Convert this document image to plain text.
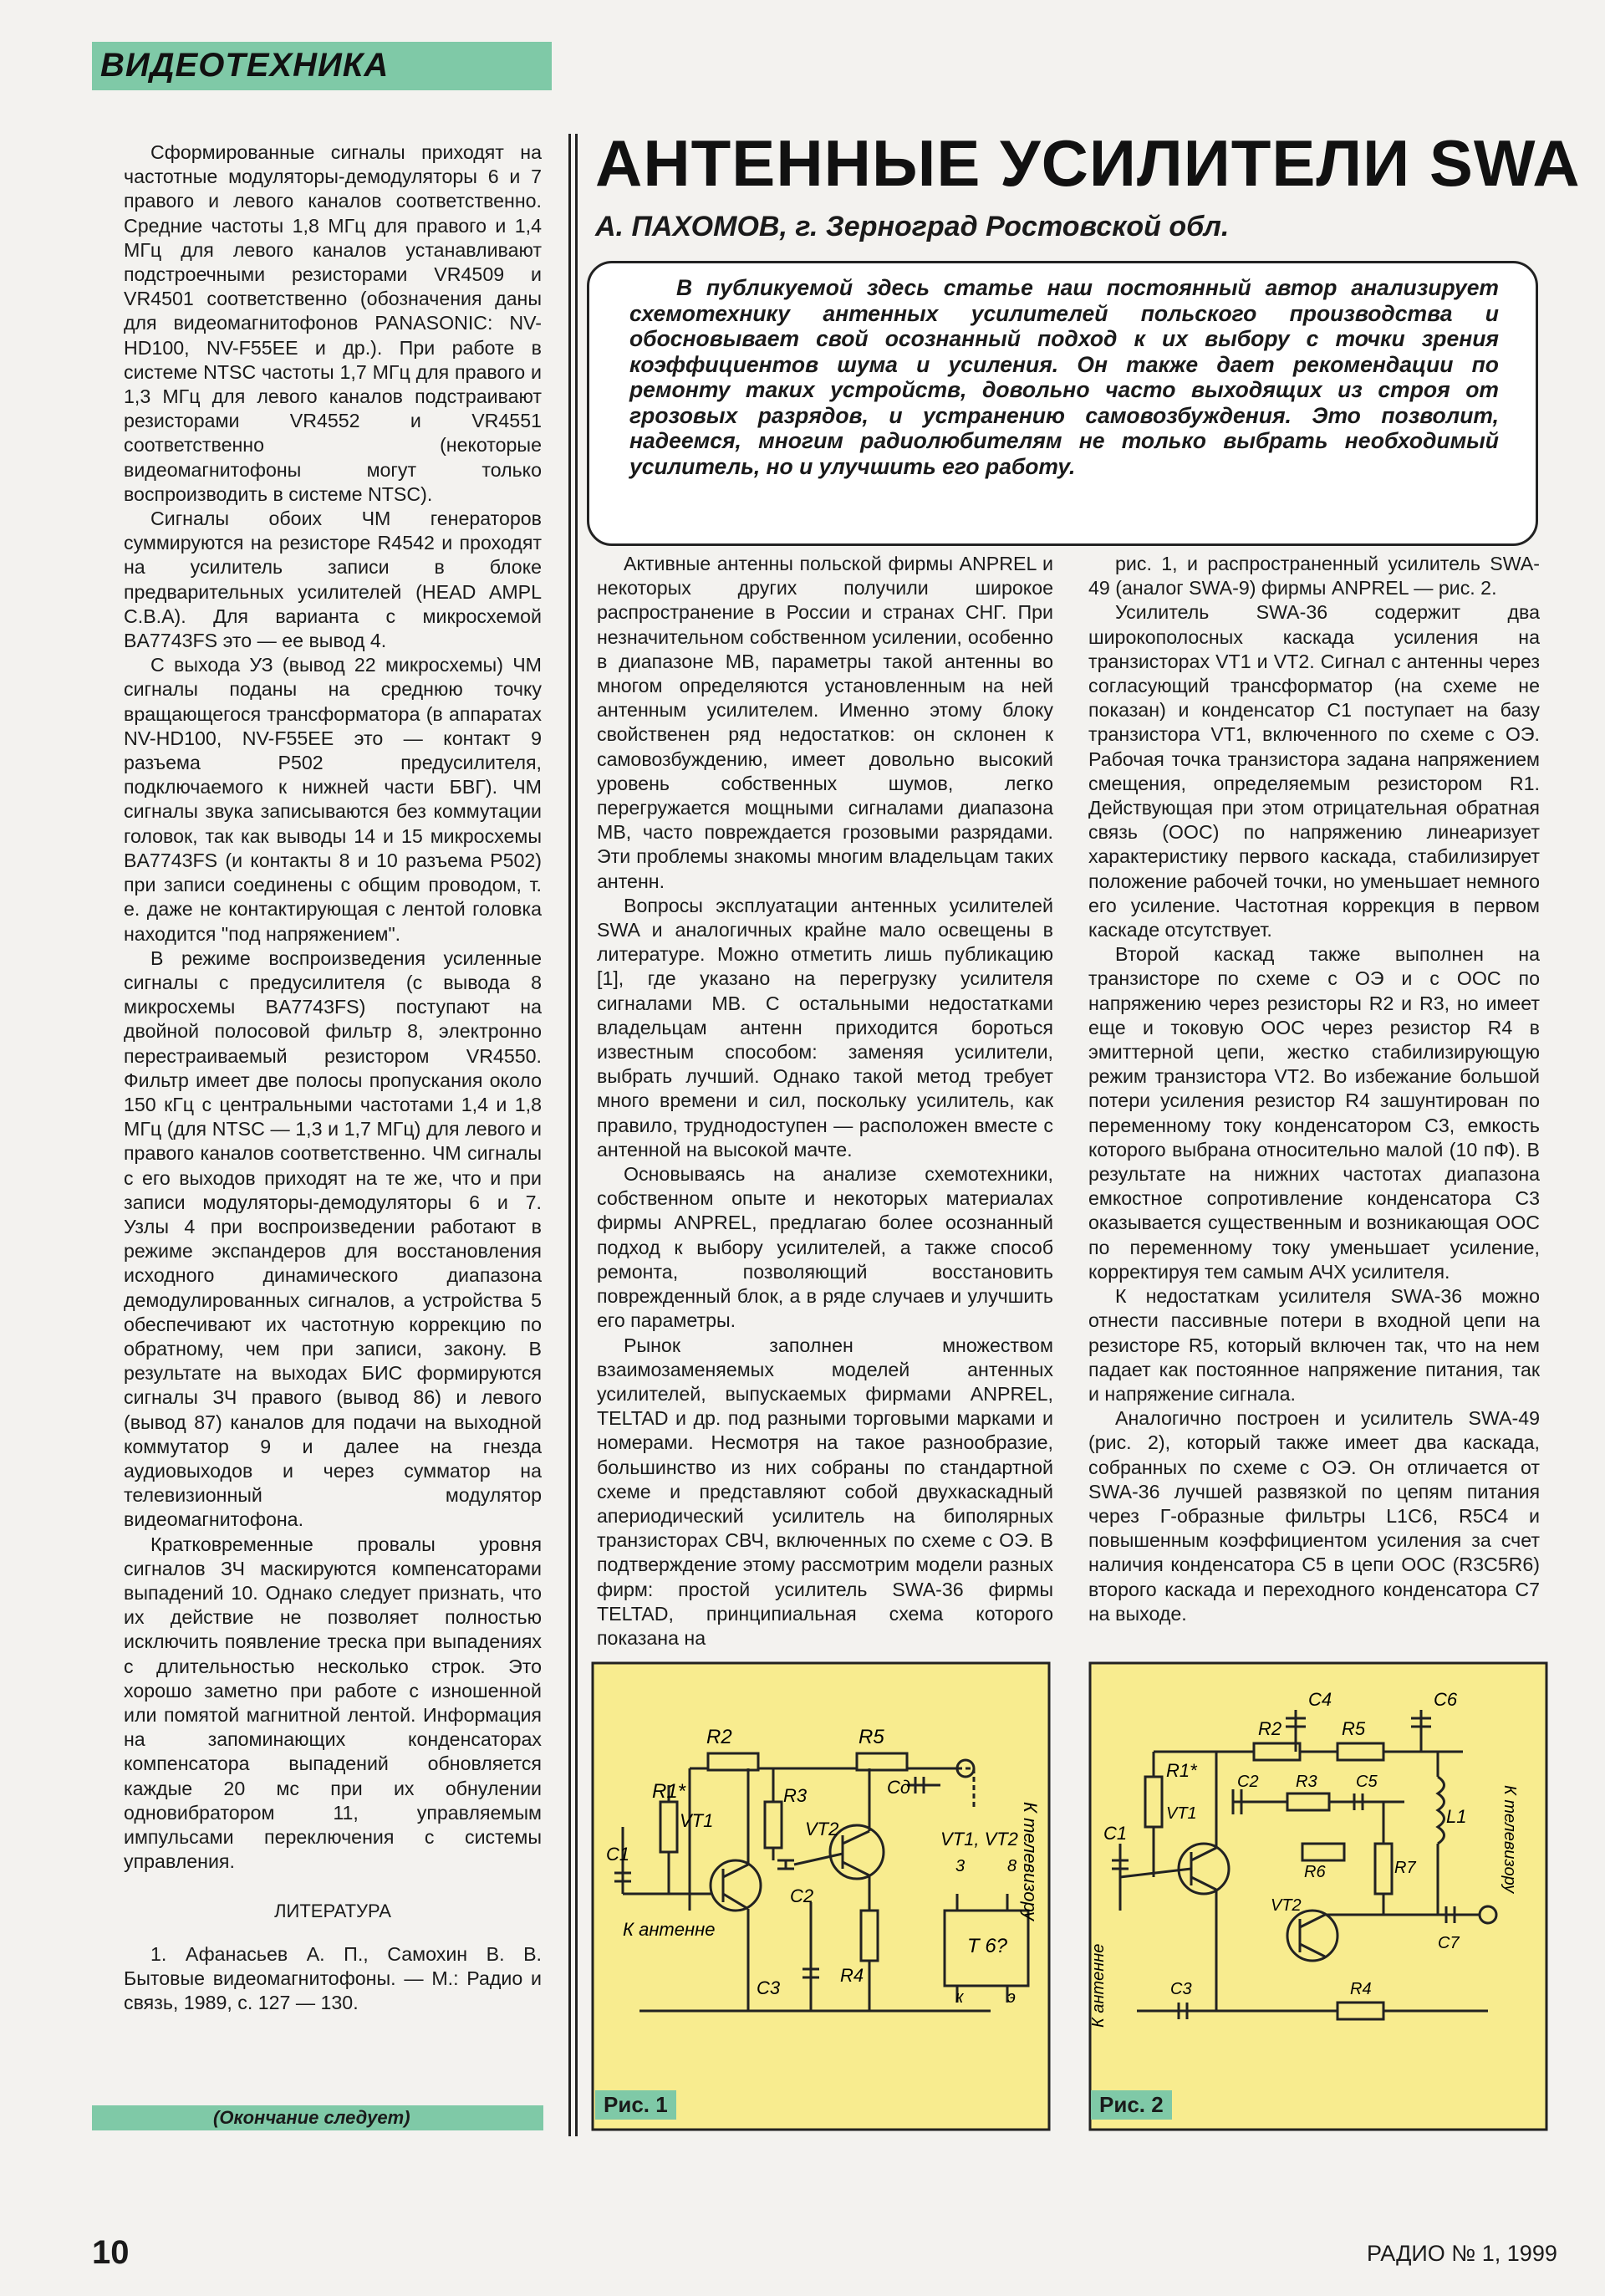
ВИДЕОТЕХНИКА

Сформированные сигналы приходят на частотные модуляторы-демодуляторы 6 и 7 правого и левого каналов соответственно. Средние частоты 1,8 МГц для правого и 1,4 МГц для левого каналов устанавливают подстроечными резисторами VR4509 и VR4501 соответственно (обозначения даны для видеомагнитофонов PANASONIC: NV-HD100, NV-F55EE и др.). При работе в системе NTSC частоты 1,7 МГц для правого и 1,3 МГц для левого каналов подстраивают резисторами VR4552 и VR4551 соответственно (некоторые видеомагнитофоны могут только воспроизводить в системе NTSC).

Сигналы обоих ЧМ генераторов суммируются на резисторе R4542 и проходят на усилитель записи в блоке предварительных усилителей (HEAD AMPL C.B.A). Для варианта с микросхемой BA7743FS это — ее вывод 4.

С выхода УЗ (вывод 22 микросхемы) ЧМ сигналы поданы на среднюю точку вращающегося трансформатора (в аппаратах NV-HD100, NV-F55EE это — контакт 9 разъема P502 предусилителя, подключаемого к нижней части БВГ). ЧМ сигналы звука записываются без коммутации головок, так как выводы 14 и 15 микросхемы BA7743FS (и контакты 8 и 10 разъема P502) при записи соединены с общим проводом, т. е. даже не контактирующая с лентой головка находится "под напряжением".

В режиме воспроизведения усиленные сигналы с предусилителя (с вывода 8 микросхемы BA7743FS) поступают на двойной полосовой фильтр 8, электронно перестраиваемый резистором VR4550. Фильтр имеет две полосы пропускания около 150 кГц с центральными частотами 1,4 и 1,8 МГц (для NTSC — 1,3 и 1,7 МГц) для левого и правого каналов соответственно. ЧМ сигналы с его выходов приходят на те же, что и при записи модуляторы-демодуляторы 6 и 7. Узлы 4 при воспроизведении работают в режиме экспандеров для восстановления исходного динамического диапазона демодулированных сигналов, а устройства 5 обеспечивают их частотную коррекцию по обратному, чем при записи, закону. В результате на выходах БИС формируются сигналы ЗЧ правого (вывод 86) и левого (вывод 87) каналов для подачи на выходной коммутатор 9 и далее на гнезда аудиовыходов и через сумматор на телевизионный модулятор видеомагнитофона.

Кратковременные провалы уровня сигналов ЗЧ маскируются компенсаторами выпадений 10. Однако следует признать, что их действие не позволяет полностью исключить появление треска при выпадениях с длительностью несколько строк. Это хорошо заметно при работе с изношенной или помятой магнитной лентой. Информация на запоминающих конденсаторах компенсатора выпадений обновляется каждые 20 мс при их обнулении одновибратором 11, управляемым импульсами переключения с системы управления.

ЛИТЕРАТУРА

1. Афанасьев А. П., Самохин В. В. Бытовые видеомагнитофоны. — М.: Радио и связь, 1989, с. 127 — 130.

(Окончание следует)
АНТЕННЫЕ УСИЛИТЕЛИ SWA
А. ПАХОМОВ, г. Зерноград Ростовской обл.
В публикуемой здесь статье наш постоянный автор анализирует схемотехнику антенных усилителей польского производства и обосновывает свой осознанный подход к их выбору с точки зрения коэффициентов шума и усиления. Он также дает рекомендации по ремонту таких устройств, довольно часто выходящих из строя от грозовых разрядов, и устранению самовозбуждения. Это позволит, надеемся, многим радиолюбителям не только выбрать необходимый усилитель, но и улучшить его работу.

Активные антенны польской фирмы ANPREL и некоторых других получили широкое распространение в России и странах СНГ. При незначительном собственном усилении, особенно в диапазоне МВ, параметры такой антенны во многом определяются установленным на ней антенным усилителем. Именно этому блоку свойственен ряд недостатков: он склонен к самовозбуждению, имеет довольно высокий уровень собственных шумов, легко перегружается мощными сигналами диапазона МВ, часто повреждается грозовыми разрядами. Эти проблемы знакомы многим владельцам таких антенн.

Вопросы эксплуатации антенных усилителей SWA и аналогичных крайне мало освещены в литературе. Можно отметить лишь публикацию [1], где указано на перегрузку усилителя сигналами МВ. С остальными недостатками владельцам антенн приходится бороться известным способом: заменяя усилители, выбрать лучший. Однако такой метод требует много времени и сил, поскольку усилитель, как правило, труднодоступен — расположен вместе с антенной на высокой мачте.

Основываясь на анализе схемотехники, собственном опыте и некоторых материалах фирмы ANPREL, предлагаю более осознанный подход к выбору усилителей, а также способ ремонта, позволяющий восстановить поврежденный блок, а в ряде случаев и улучшить его параметры.

Рынок заполнен множеством взаимозаменяемых моделей антенных усилителей, выпускаемых фирмами ANPREL, TELTAD и др. под разными торговыми марками и номерами. Несмотря на такое разнообразие, большинство из них собраны по стандартной схеме и представляют собой двухкаскадный апериодический усилитель на биполярных транзисторах СВЧ, включенных по схеме с ОЭ. В подтверждение этому рассмотрим модели разных фирм: простой усилитель SWA-36 фирмы TELTAD, принципиальная схема которого показана на

рис. 1, и распространенный усилитель SWA-49 (аналог SWA-9) фирмы ANPREL — рис. 2.

Усилитель SWA-36 содержит два широкополосных каскада усиления на транзисторах VT1 и VT2. Сигнал с антенны через согласующий трансформатор (на схеме не показан) и конденсатор C1 поступает на базу транзистора VT1, включенного по схеме с ОЭ. Рабочая точка транзистора задана напряжением смещения, определяемым резистором R1. Действующая при этом отрицательная обратная связь (ООС) по напряжению линеаризует характеристику первого каскада, стабилизирует положение рабочей точки, но уменьшает немного его усиление. Частотная коррекция в первом каскаде отсутствует.

Второй каскад также выполнен на транзисторе по схеме с ОЭ и с ООС по напряжению через резисторы R2 и R3, но имеет еще и токовую ООС через резистор R4 в эмиттерной цепи, жестко стабилизирующую режим транзистора VT2. Во избежание большой потери усиления резистор R4 зашунтирован по переменному току конденсатором C3, емкость которого выбрана относительно малой (10 пФ). В результате на нижних частотах диапазона емкостное сопротивление конденсатора C3 оказывается существенным и возникающая ООС по переменному току уменьшает усиление, корректируя тем самым АЧХ усилителя.

К недостаткам усилителя SWA-36 можно отнести пассивные потери в входной цепи на резисторе R5, который включен так, что на нем падает как постоянное напряжение питания, так и напряжение сигнала.

Аналогично построен и усилитель SWA-49 (рис. 2), который также имеет два каскада, собранных по схеме с ОЭ. Он отличается от SWA-36 лучшей развязкой по цепям питания через Г-образные фильтры L1C6, R5C4 и повышенным коэффициентом усиления за счет наличия конденсатора C5 в цепи ООС (R3C5R6) второго каскада и переходного конденсатора C7 на выходе.

R2	R5
R1*	R3
VT1	VT2
C1
C2
Cд
VT1, VT2
3	8
Т 6?
к	э
C3
R4
К антенне
К телевизору
Рис. 1
R2	R5
C4	C6
R1*
VT1
C1
C2 R3 C5
L1
R6	R7
VT2
C7
C3	R4
К антенне
К телевизору
Рис. 2
10	РАДИО № 1, 1999
